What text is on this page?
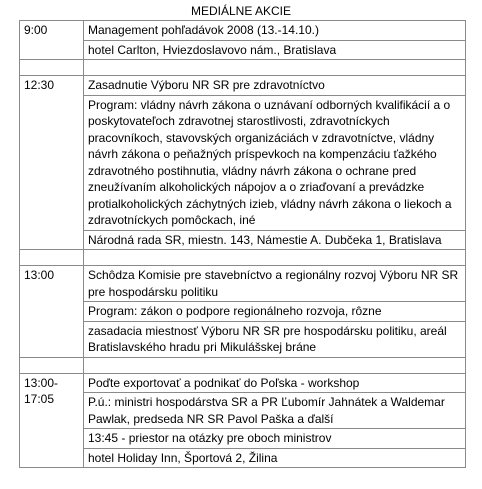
MEDIÁLNE AKCIE
9:00	Management pohľadávok 2008 (13.-14.10.)
	hotel Carlton, Hviezdoslavovo nám., Bratislava

12:30	Zasadnutie Výboru NR SR pre zdravotníctvo
	Program: vládny návrh zákona o uznávaní odborných kvalifikácií a o poskytovateľoch zdravotnej starostlivosti, zdravotníckych pracovníkoch, stavovských organizáciách v zdravotníctve, vládny návrh zákona o peňažných príspevkoch na kompenzáciu ťažkého zdravotného postihnutia, vládny návrh zákona o ochrane pred zneužívaním alkoholických nápojov a o zriaďovaní a prevádzke protialkoholických záchytných izieb, vládny návrh zákona o liekoch a zdravotníckych pomôckach, iné
	Národná rada SR, miestn. 143, Námestie A. Dubčeka 1, Bratislava

13:00	Schôdza Komisie pre stavebníctvo a regionálny rozvoj Výboru NR SR pre hospodársku politiku
	Program: zákon o podpore regionálneho rozvoja, rôzne
	zasadacia miestnosť Výboru NR SR pre hospodársku politiku, areál Bratislavského hradu pri Mikulášskej bráne

13:00-
17:05	Poďte exportovať a podnikať do Poľska - workshop
	P.ú.: ministri hospodárstva SR a PR Ľubomír Jahnátek a Waldemar Pawlak, predseda NR SR Pavol Paška a ďalší
	13:45 - priestor na otázky pre oboch ministrov
	hotel Holiday Inn, Športová 2, Žilina
